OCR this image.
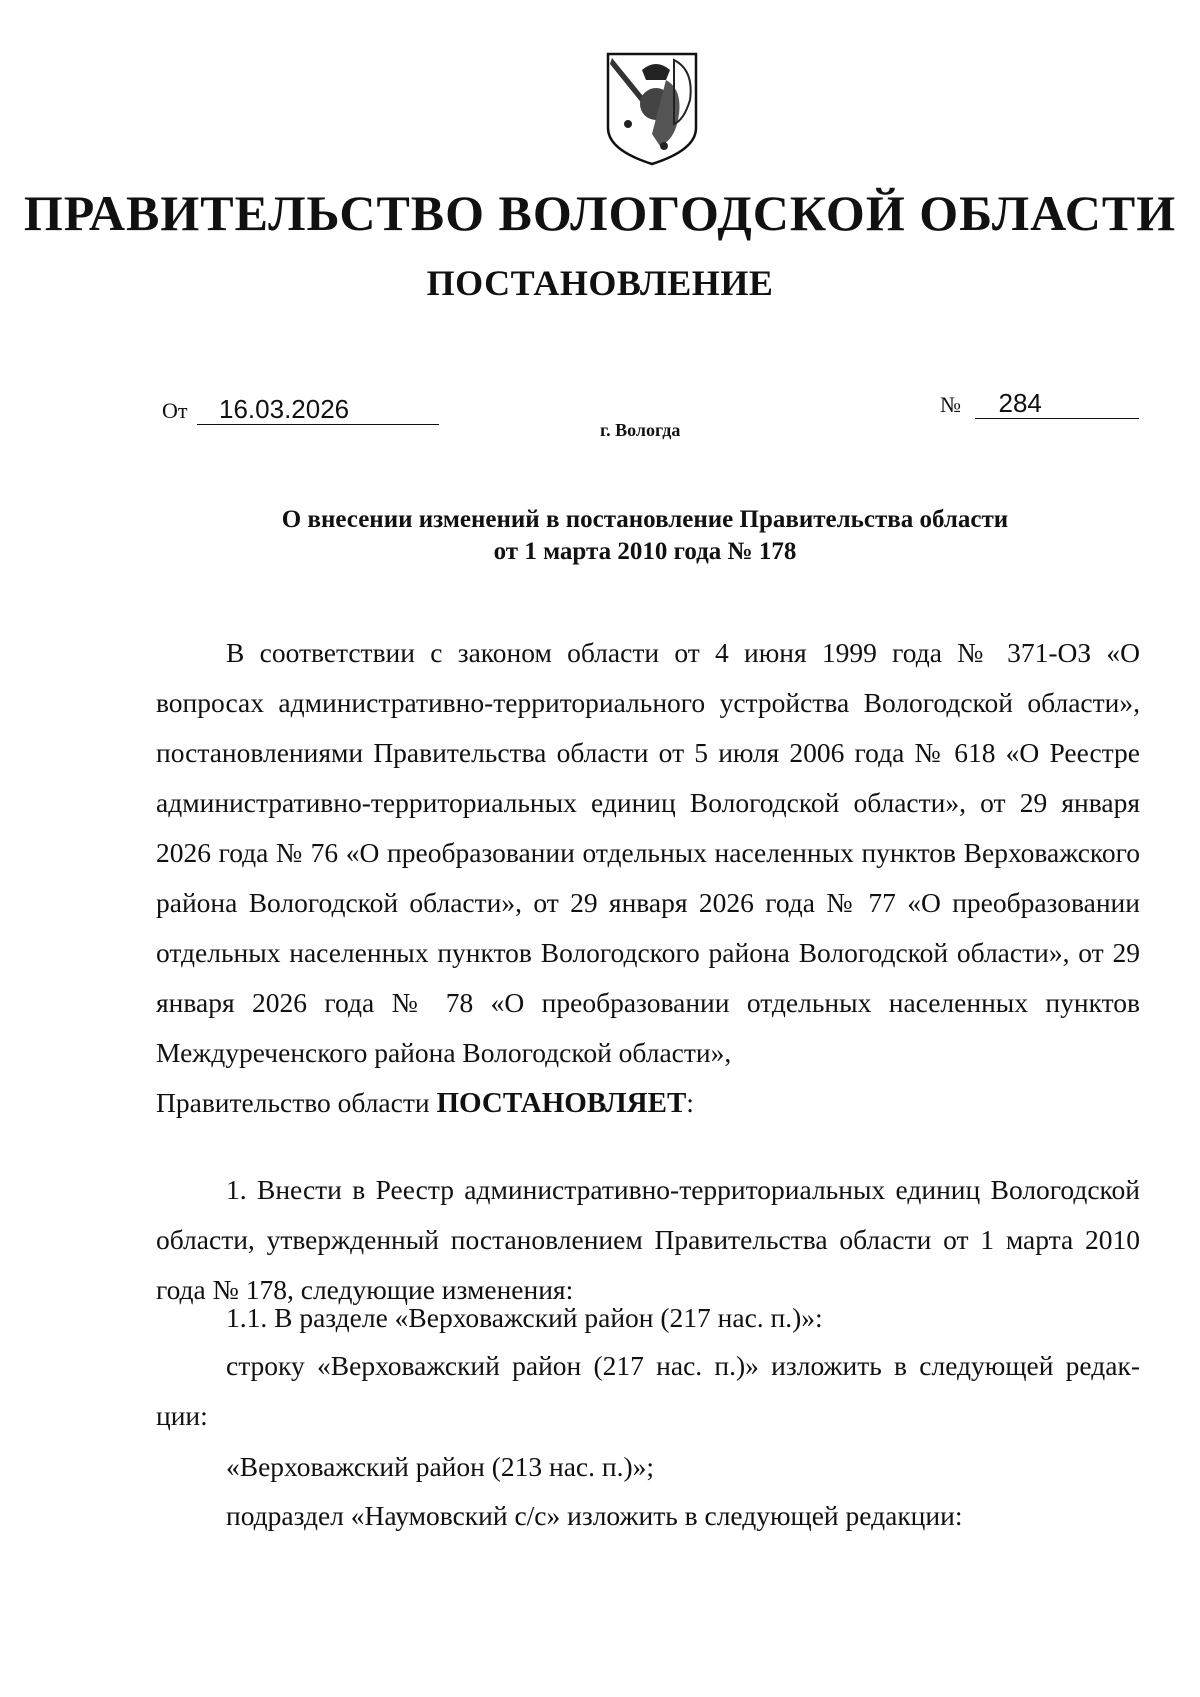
ПРАВИТЕЛЬСТВО ВОЛОГОДСКОЙ ОБЛАСТИ
ПОСТАНОВЛЕНИЕ
От 16.03.2026	№ 284
г. Вологда
О внесении изменений в постановление Правительства области
от 1 марта 2010 года № 178

В соответствии с законом области от 4 июня 1999 года № 371-ОЗ «О вопросах административно-территориального устройства Вологодской области», постановлениями Правительства области от 5 июля 2006 года № 618 «О Реестре административно-территориальных единиц Вологодской области», от 29 января 2026 года № 76 «О преобразовании отдельных населенных пунктов Верховажского района Вологодской области», от 29 января 2026 года № 77 «О преобразовании отдельных населенных пунктов Вологодского района Вологодской области», от 29 января 2026 года № 78 «О преобразовании отдельных населенных пунктов Междуреченского района Вологодской области»,

Правительство области ПОСТАНОВЛЯЕТ:

1. Внести в Реестр административно-территориальных единиц Вологодской области, утвержденный постановлением Правительства области от 1 марта 2010 года № 178, следующие изменения:

1.1. В разделе «Верховажский район (217 нас. п.)»:

строку «Верховажский район (217 нас. п.)» изложить в следующей редак-

ции:

«Верховажский район (213 нас. п.)»;

подраздел «Наумовский с/с» изложить в следующей редакции:
